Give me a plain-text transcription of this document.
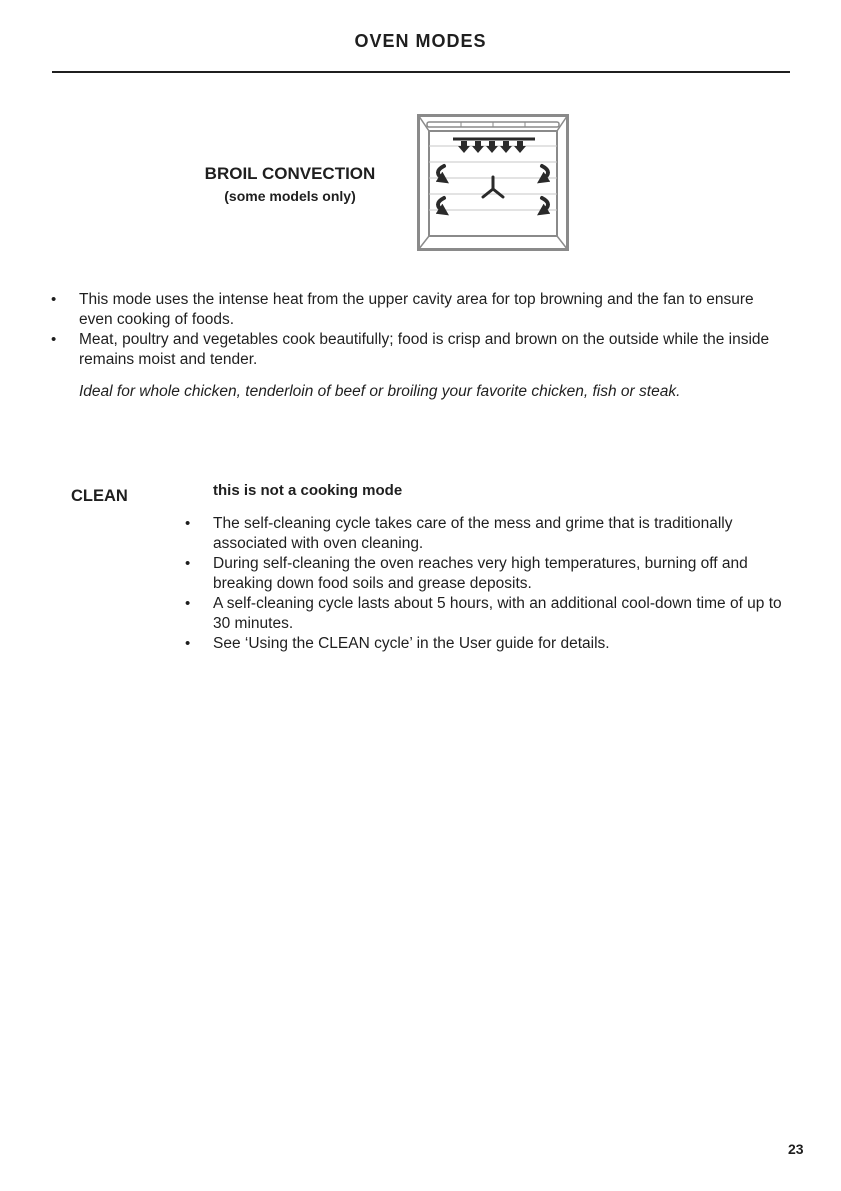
OVEN MODES
BROIL CONVECTION
(some models only)
• This mode uses the intense heat from the upper cavity area for top browning and the fan to ensure even cooking of foods.
• Meat, poultry and vegetables cook beautifully; food is crisp and brown on the outside while the inside remains moist and tender.
Ideal for whole chicken, tenderloin of beef or broiling your favorite chicken, fish or steak.
CLEAN	this is not a cooking mode
• The self-cleaning cycle takes care of the mess and grime that is traditionally associated with oven cleaning.
• During self-cleaning the oven reaches very high temperatures, burning off and breaking down food soils and grease deposits.
• A self-cleaning cycle lasts about 5 hours, with an additional cool-down time of up to 30 minutes.
• See ‘Using the CLEAN cycle’ in the User guide for details.
23
